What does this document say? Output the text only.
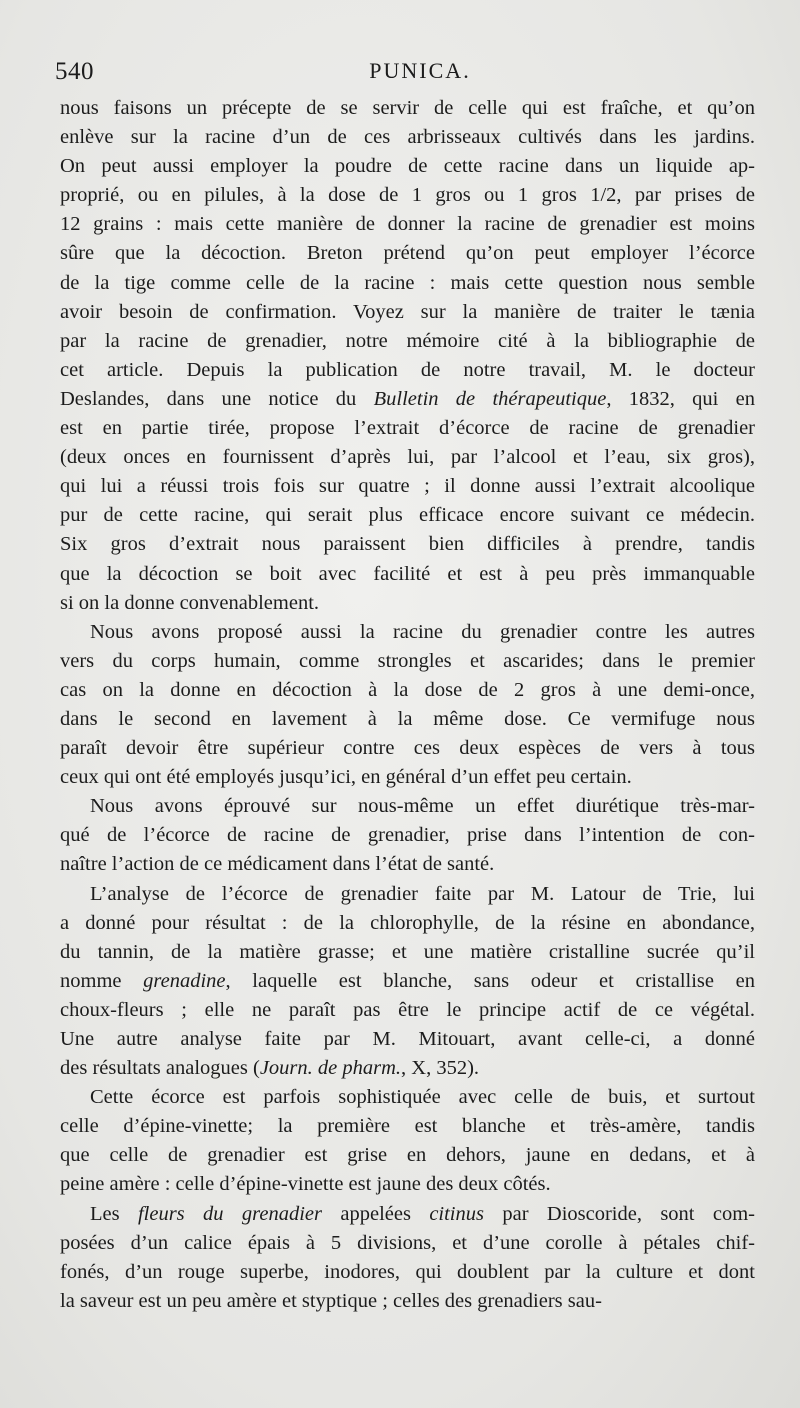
540	PUNICA.
nous faisons un précepte de se servir de celle qui est fraîche, et qu’on
enlève sur la racine d’un de ces arbrisseaux cultivés dans les jardins.
On peut aussi employer la poudre de cette racine dans un liquide ap-
proprié, ou en pilules, à la dose de 1 gros ou 1 gros 1/2, par prises de
12 grains : mais cette manière de donner la racine de grenadier est moins
sûre que la décoction. Breton prétend qu’on peut employer l’écorce
de la tige comme celle de la racine : mais cette question nous semble
avoir besoin de confirmation. Voyez sur la manière de traiter le tænia
par la racine de grenadier, notre mémoire cité à la bibliographie de
cet article. Depuis la publication de notre travail, M. le docteur
Deslandes, dans une notice du Bulletin de thérapeutique, 1832, qui en
est en partie tirée, propose l’extrait d’écorce de racine de grenadier
(deux onces en fournissent d’après lui, par l’alcool et l’eau, six gros),
qui lui a réussi trois fois sur quatre ; il donne aussi l’extrait alcoolique
pur de cette racine, qui serait plus efficace encore suivant ce médecin.
Six gros d’extrait nous paraissent bien difficiles à prendre, tandis
que la décoction se boit avec facilité et est à peu près immanquable
si on la donne convenablement.
Nous avons proposé aussi la racine du grenadier contre les autres
vers du corps humain, comme strongles et ascarides; dans le premier
cas on la donne en décoction à la dose de 2 gros à une demi-once,
dans le second en lavement à la même dose. Ce vermifuge nous
paraît devoir être supérieur contre ces deux espèces de vers à tous
ceux qui ont été employés jusqu’ici, en général d’un effet peu certain.
Nous avons éprouvé sur nous-même un effet diurétique très-mar-
qué de l’écorce de racine de grenadier, prise dans l’intention de con-
naître l’action de ce médicament dans l’état de santé.
L’analyse de l’écorce de grenadier faite par M. Latour de Trie, lui
a donné pour résultat : de la chlorophylle, de la résine en abondance,
du tannin, de la matière grasse; et une matière cristalline sucrée qu’il
nomme grenadine, laquelle est blanche, sans odeur et cristallise en
choux-fleurs ; elle ne paraît pas être le principe actif de ce végétal.
Une autre analyse faite par M. Mitouart, avant celle-ci, a donné
des résultats analogues (Journ. de pharm., X, 352).
Cette écorce est parfois sophistiquée avec celle de buis, et surtout
celle d’épine-vinette; la première est blanche et très-amère, tandis
que celle de grenadier est grise en dehors, jaune en dedans, et à
peine amère : celle d’épine-vinette est jaune des deux côtés.
Les fleurs du grenadier appelées citinus par Dioscoride, sont com-
posées d’un calice épais à 5 divisions, et d’une corolle à pétales chif-
fonés, d’un rouge superbe, inodores, qui doublent par la culture et dont
la saveur est un peu amère et styptique ; celles des grenadiers sau-
